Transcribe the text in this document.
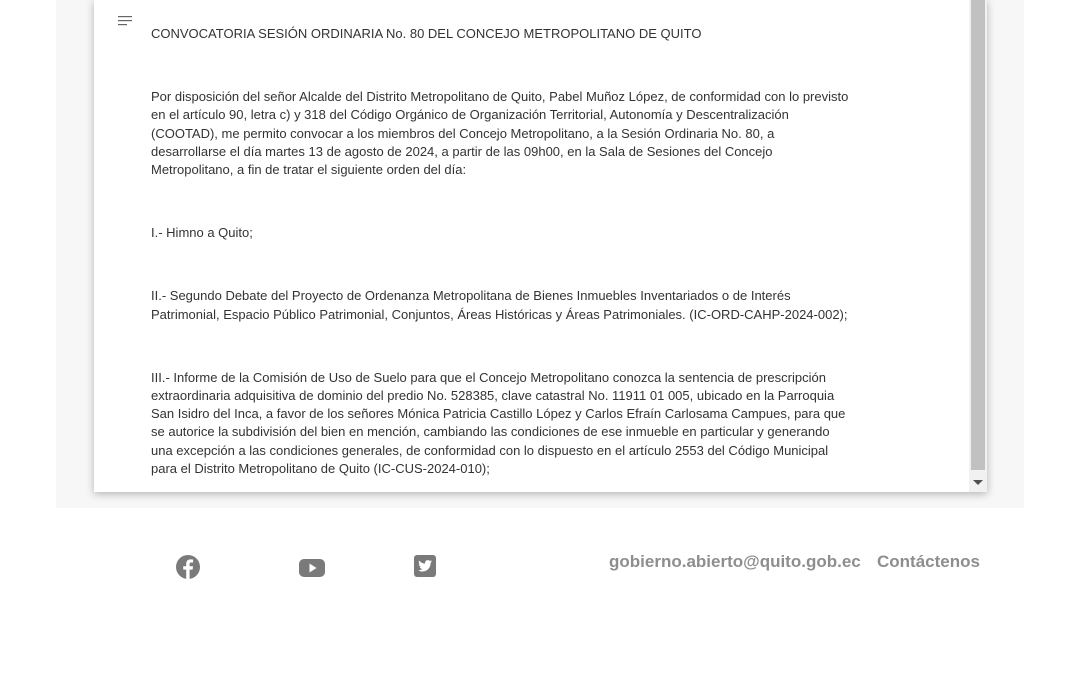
CONVOCATORIA SESIÓN ORDINARIA No. 80 DEL CONCEJO METROPOLITANO DE QUITO

Por disposición del señor Alcalde del Distrito Metropolitano de Quito, Pabel Muñoz López, de conformidad con lo previsto en el artículo 90, letra c) y 318 del Código Orgánico de Organización Territorial, Autonomía y Descentralización (COOTAD), me permito convocar a los miembros del Concejo Metropolitano, a la Sesión Ordinaria No. 80, a desarrollarse el día martes 13 de agosto de 2024, a partir de las 09h00, en la Sala de Sesiones del Concejo Metropolitano, a fin de tratar el siguiente orden del día:

I.- Himno a Quito;

II.- Segundo Debate del Proyecto de Ordenanza Metropolitana de Bienes Inmuebles Inventariados o de Interés Patrimonial, Espacio Público Patrimonial, Conjuntos, Áreas Históricas y Áreas Patrimoniales. (IC-ORD-CAHP-2024-002);

III.- Informe de la Comisión de Uso de Suelo para que el Concejo Metropolitano conozca la sentencia de prescripción extraordinaria adquisitiva de dominio del predio No. 528385, clave catastral No. 11911 01 005, ubicado en la Parroquia San Isidro del Inca, a favor de los señores Mónica Patricia Castillo López y Carlos Efraín Carlosama Campues, para que se autorice la subdivisión del bien en mención, cambiando las condiciones de ese inmueble en particular y generando una excepción a las condiciones generales, de conformidad con lo dispuesto en el artículo 2553 del Código Municipal para el Distrito Metropolitano de Quito (IC-CUS-2024-010);

gobierno.abierto@quito.gob.ec Contáctenos
